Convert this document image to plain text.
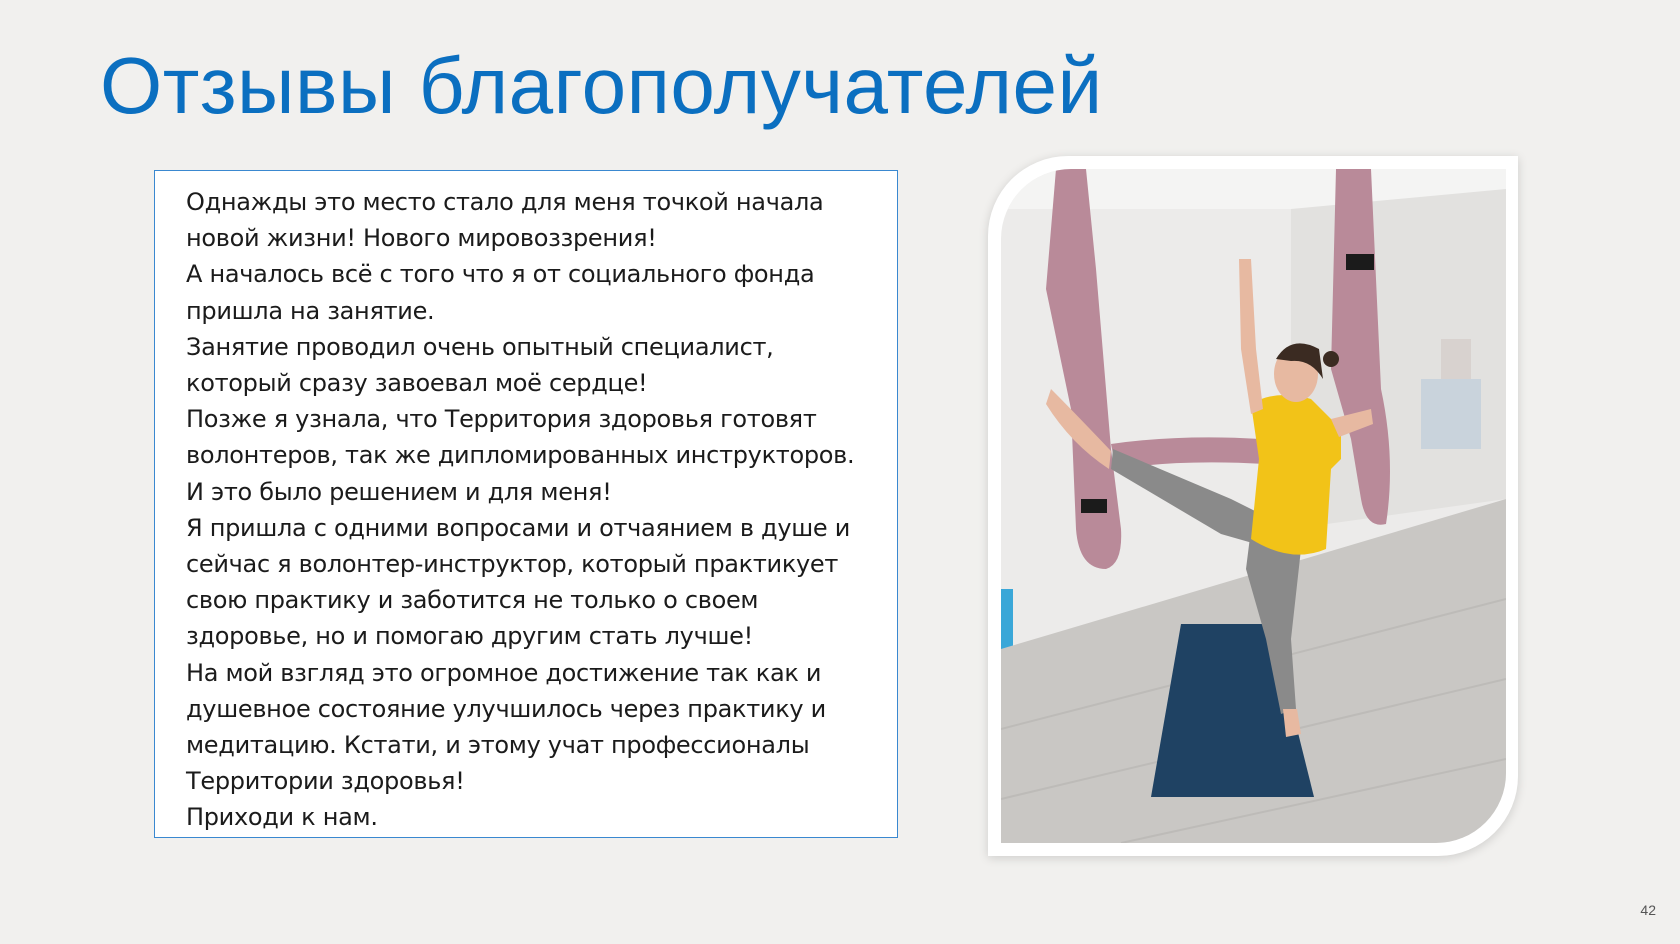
Отзывы благополучателей
Однажды это место стало для меня точкой начала
новой жизни! Нового мировоззрения!
А началось всё с того что я от социального фонда
пришла на занятие.
Занятие проводил очень опытный специалист,
который сразу завоевал моё сердце!
Позже я узнала, что Территория здоровья готовят
волонтеров, так же дипломированных инструкторов.
И это было решением и для меня!
Я пришла с одними вопросами и отчаянием в душе и
сейчас я волонтер-инструктор, который практикует
свою практику и заботится не только о своем
здоровье, но и помогаю другим стать лучше!
На мой взгляд это огромное достижение так как и
душевное состояние улучшилось через практику и
медитацию. Кстати, и этому учат профессионалы
Территории здоровья!
Приходи к нам.
42
